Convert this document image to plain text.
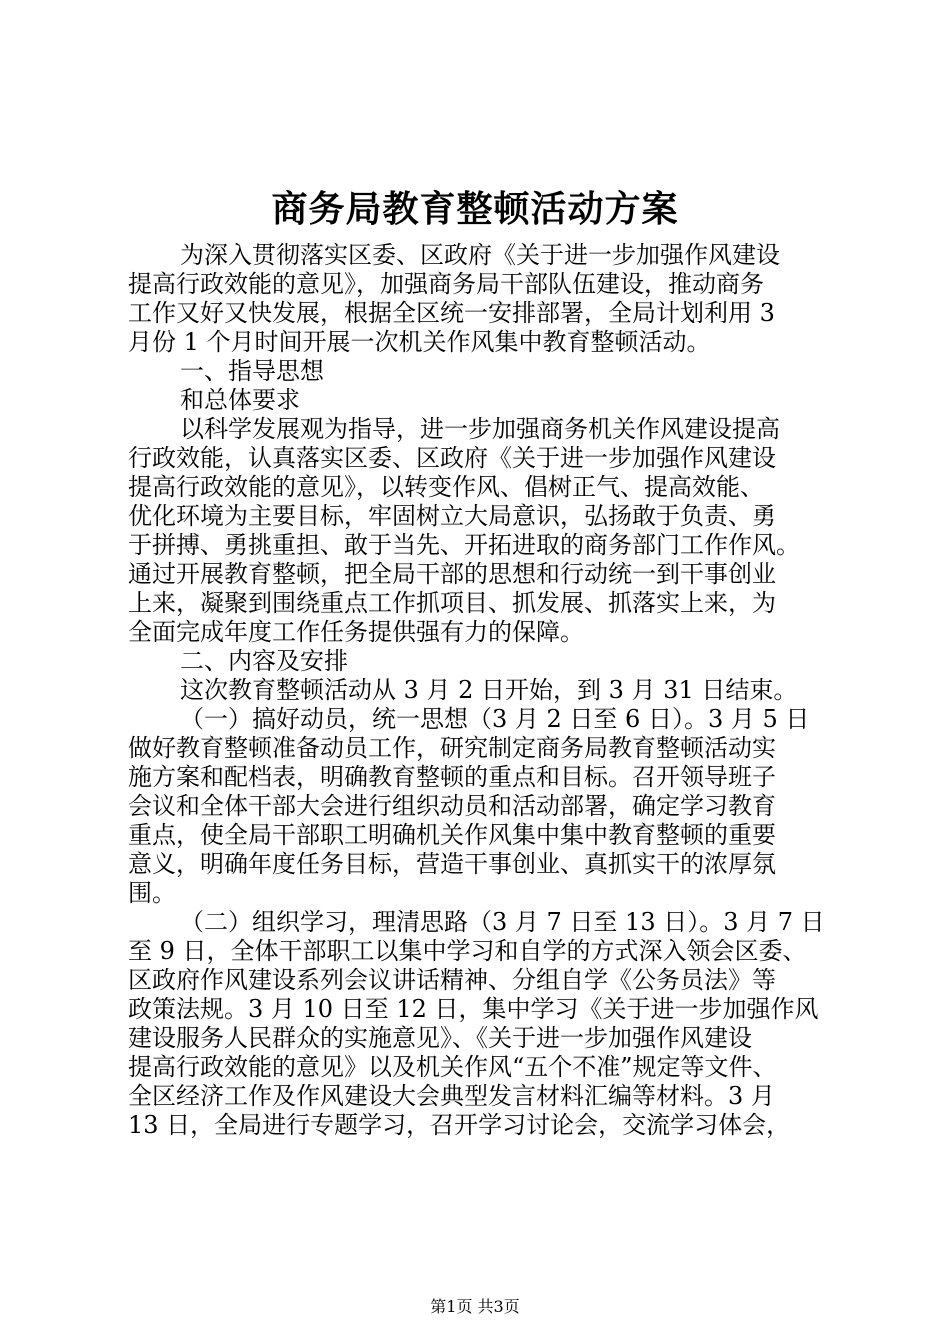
商务局教育整顿活动方案

为深入贯彻落实区委、区政府《关于进一步加强作风建设
提高行政效能的意见》，加强商务局干部队伍建设，推动商务
工作又好又快发展，根据全区统一安排部署，全局计划利用 3
月份 1 个月时间开展一次机关作风集中教育整顿活动。

一、指导思想
和总体要求

以科学发展观为指导，进一步加强商务机关作风建设提高
行政效能，认真落实区委、区政府《关于进一步加强作风建设
提高行政效能的意见》，以转变作风、倡树正气、提高效能、
优化环境为主要目标，牢固树立大局意识，弘扬敢于负责、勇
于拼搏、勇挑重担、敢于当先、开拓进取的商务部门工作作风。
通过开展教育整顿，把全局干部的思想和行动统一到干事创业
上来，凝聚到围绕重点工作抓项目、抓发展、抓落实上来，为
全面完成年度工作任务提供强有力的保障。

二、内容及安排

这次教育整顿活动从 3 月 2 日开始，到 3 月 31 日结束。

（一）搞好动员，统一思想（3 月 2 日至 6 日）。3 月 5 日
做好教育整顿准备动员工作，研究制定商务局教育整顿活动实
施方案和配档表，明确教育整顿的重点和目标。召开领导班子
会议和全体干部大会进行组织动员和活动部署，确定学习教育
重点，使全局干部职工明确机关作风集中集中教育整顿的重要
意义，明确年度任务目标，营造干事创业、真抓实干的浓厚氛
围。

（二）组织学习，理清思路（3 月 7 日至 13 日）。3 月 7 日
至 9 日，全体干部职工以集中学习和自学的方式深入领会区委、
区政府作风建设系列会议讲话精神、分组自学《公务员法》等
政策法规。3 月 10 日至 12 日，集中学习《关于进一步加强作风
建设服务人民群众的实施意见》、《关于进一步加强作风建设
提高行政效能的意见》以及机关作风“五个不准”规定等文件、
全区经济工作及作风建设大会典型发言材料汇编等材料。3 月
13 日，全局进行专题学习，召开学习讨论会，交流学习体会，

第1页 共3页
